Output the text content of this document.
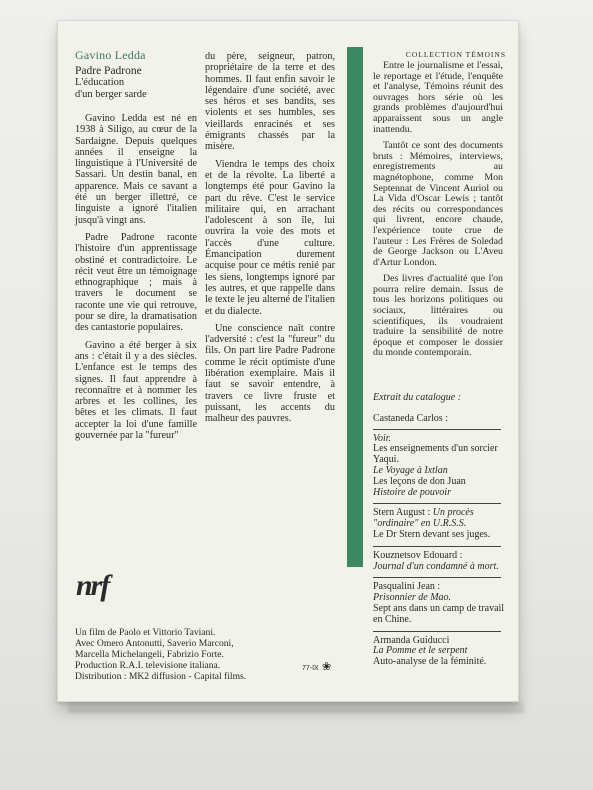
Gavino Ledda
Padre Padrone
L'éducation
d'un berger sarde

Gavino Ledda est né en 1938 à Siligo, au cœur de la Sardaigne. Depuis quelques années il enseigne la linguistique à l'Université de Sassari. Un destin banal, en apparence. Mais ce savant a été un berger illettré, ce linguiste a ignoré l'italien jusqu'à vingt ans.

Padre Padrone raconte l'histoire d'un apprentissage obstiné et contradictoire. Le récit veut être un témoignage ethnographique ; mais à travers le document se raconte une vie qui retrouve, pour se dire, la dramatisation des cantastorie populaires.

Gavino a été berger à six ans : c'était il y a des siècles. L'enfance est le temps des signes. Il faut apprendre à reconnaître et à nommer les arbres et les collines, les bêtes et les climats. Il faut accepter la loi d'une famille gouvernée par la "fureur"

du père, seigneur, patron, propriétaire de la terre et des hommes. Il faut enfin savoir le légendaire d'une société, avec ses héros et ses bandits, ses violents et ses humbles, ses vieillards enracinés et ses émigrants chassés par la misère.

Viendra le temps des choix et de la révolte. La liberté a longtemps été pour Gavino la part du rêve. C'est le service militaire qui, en arrachant l'adolescent à son île, lui ouvrira la voie des mots et l'accès d'une culture. Émancipation durement acquise pour ce métis renié par les siens, longtemps ignoré par les autres, et que rappelle dans le texte le jeu alterné de l'italien et du dialecte.

Une conscience naît contre l'adversité : c'est la "fureur" du fils. On part lire Padre Padrone comme le récit optimiste d'une libération exemplaire. Mais il faut se savoir entendre, à travers ce livre fruste et puissant, les accents du malheur des pauvres.

COLLECTION TÉMOINS

Entre le journalisme et l'essai, le reportage et l'étude, l'enquête et l'analyse, Témoins réunit des ouvrages hors série où les grands problèmes d'aujourd'hui apparaissent sous un angle inattendu.

Tantôt ce sont des documents bruts : Mémoires, interviews, enregistrements au magnétophone, comme Mon Septennat de Vincent Auriol ou La Vida d'Oscar Lewis ; tantôt des récits ou correspondances qui livrent, encore chaude, l'expérience toute crue de l'auteur : Les Frères de Soledad de George Jackson ou L'Aveu d'Artur London.

Des livres d'actualité que l'on pourra relire demain. Issus de tous les horizons politiques ou sociaux, littéraires ou scientifiques, ils voudraient traduire la sensibilité de notre époque et composer le dossier du monde contemporain.

Extrait du catalogue :
Castaneda Carlos :
Voir.
Les enseignements d'un sorcier Yaqui.
Le Voyage à Ixtlan
Les leçons de don Juan
Histoire de pouvoir
Stern August : Un procès "ordinaire" en U.R.S.S.
Le Dr Stern devant ses juges.
Kouznetsov Edouard :
Journal d'un condamné à mort.
Pasqualini Jean :
Prisonnier de Mao.
Sept ans dans un camp de travail en Chine.
Armanda Guiducci
La Pomme et le serpent
Auto-analyse de la féminité.
nrf
Un film de Paolo et Vittorio Taviani.
Avec Omero Antonutti, Saverio Marconi,
Marcella Michelangeli, Fabrizio Forte.
Production R.A.I. televisione italiana.
Distribution : MK2 diffusion - Capital films.
77-IX ❀
